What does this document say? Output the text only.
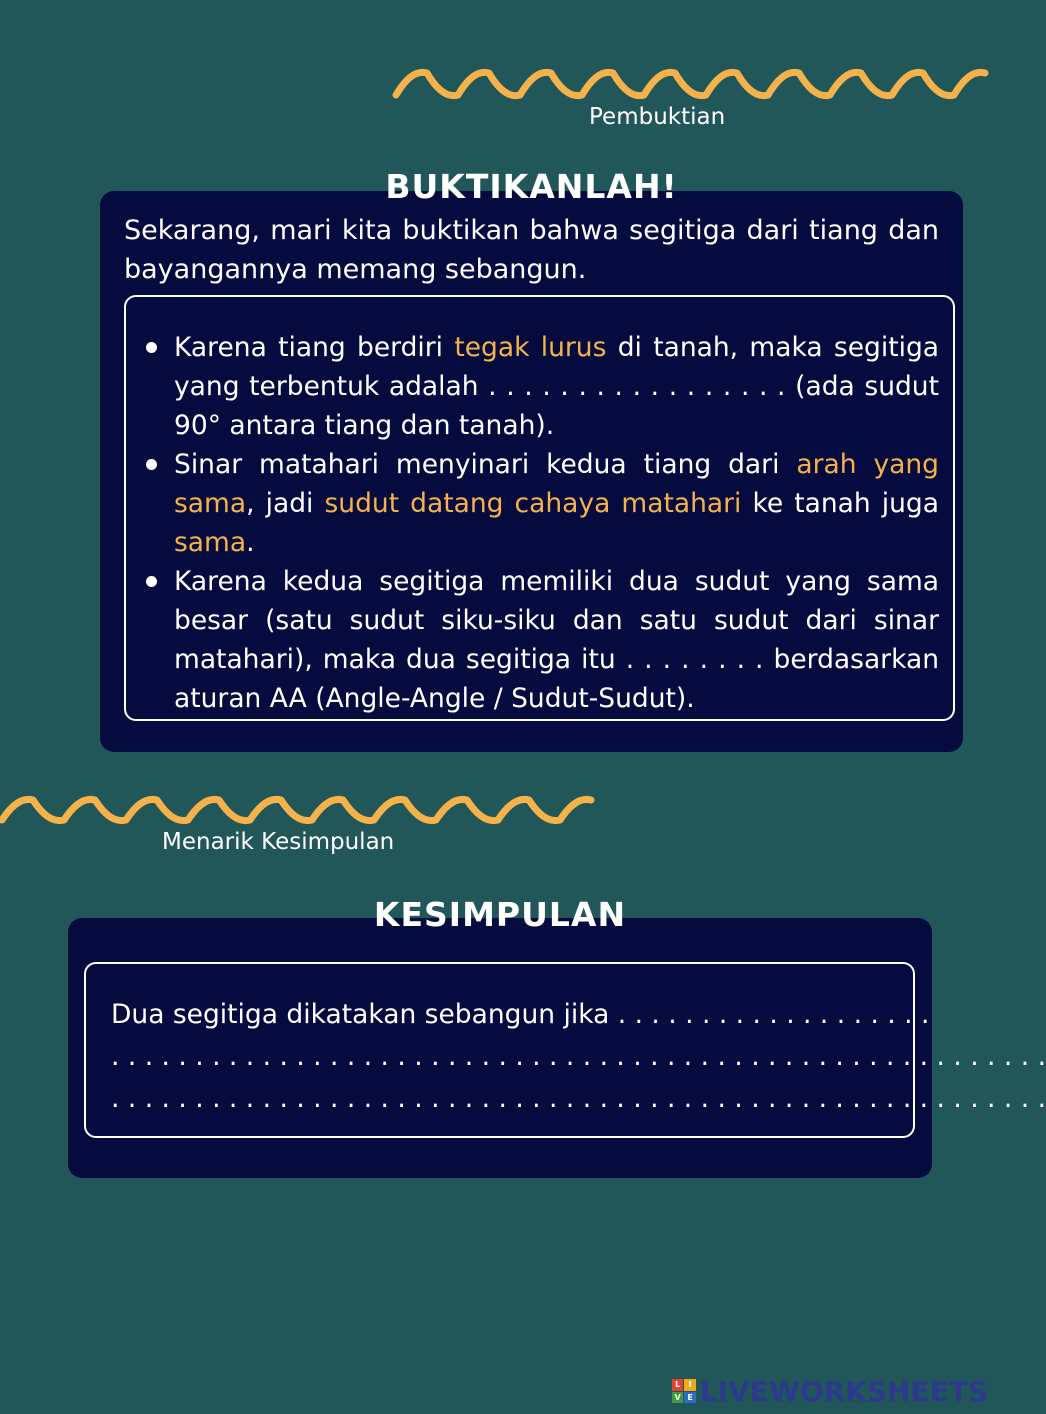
Pembuktian
BUKTIKANLAH!
Sekarang, mari kita buktikan bahwa segitiga dari tiang dan bayangannya memang sebangun.
Karena tiang berdiri tegak lurus di tanah, maka segitiga yang terbentuk adalah . . . . . . . . . . . . . . . . . (ada sudut 90° antara tiang dan tanah).
Sinar matahari menyinari kedua tiang dari arah yang sama, jadi sudut datang cahaya matahari ke tanah juga sama.
Karena kedua segitiga memiliki dua sudut yang sama besar (satu sudut siku-siku dan satu sudut dari sinar matahari), maka dua segitiga itu . . . . . . . . berdasarkan aturan AA (Angle-Angle / Sudut-Sudut).
Menarik Kesimpulan
KESIMPULAN
Dua segitiga dikatakan sebangun jika . . . . . . . . . . . . . . . . . . .
. . . . . . . . . . . . . . . . . . . . . . . . . . . . . . . . . . . . . . . . . . . . . . . . . . . . . . . .
. . . . . . . . . . . . . . . . . . . . . . . . . . . . . . . . . . . . . . . . . . . . . . . . . . . . . . . .
L	I
V E LIVEWORKSHEETS
